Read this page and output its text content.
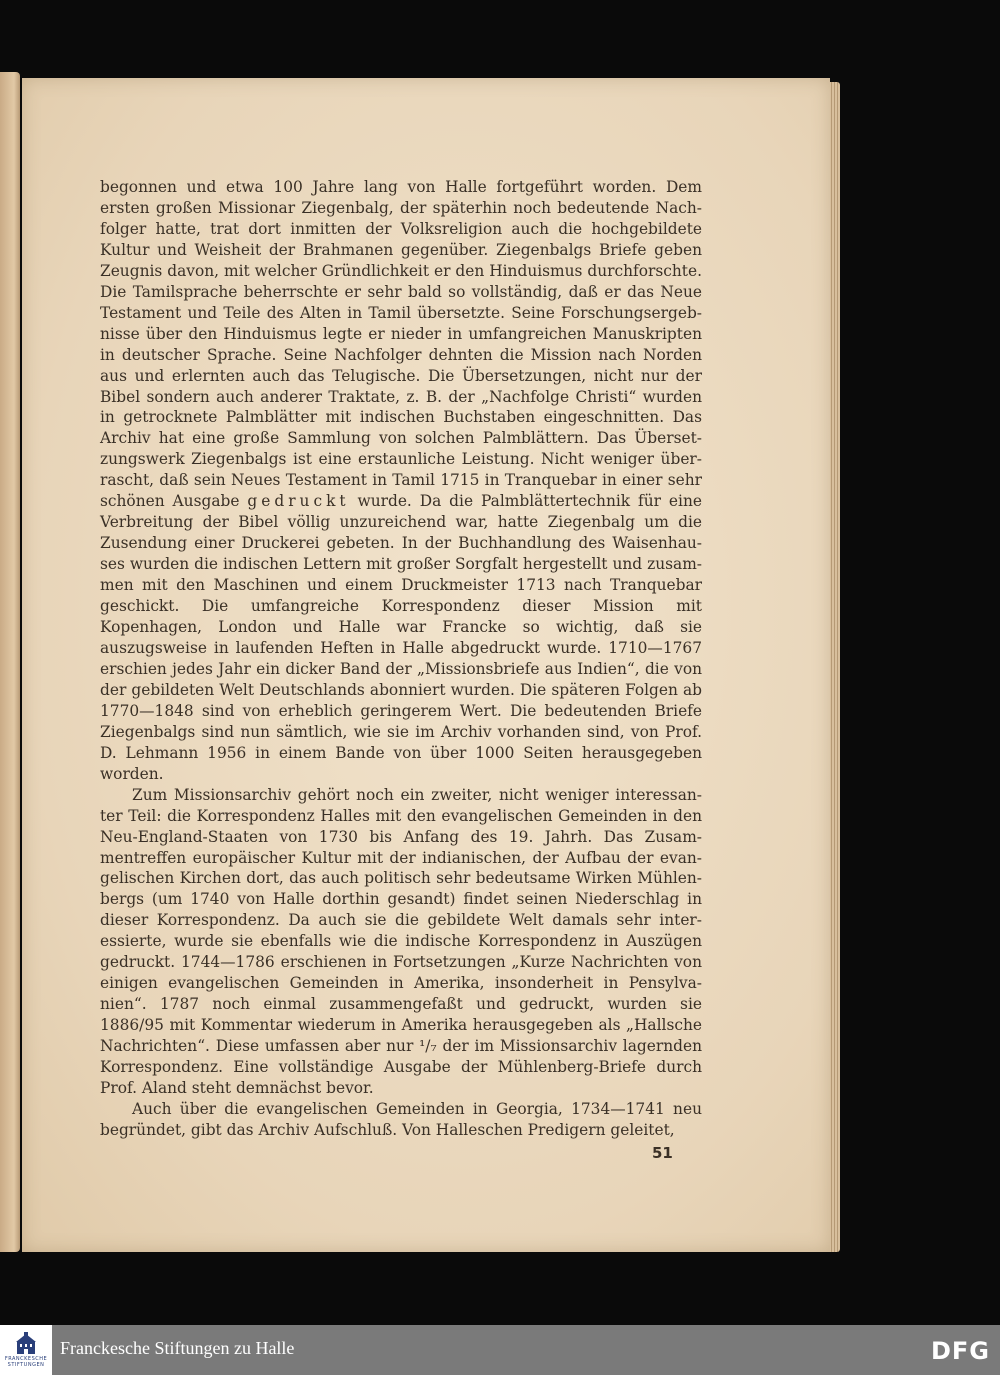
begonnen und etwa 100 Jahre lang von Halle fortgeführt worden. Dem ersten großen Missionar Ziegenbalg, der späterhin noch bedeutende Nachfolger hatte, trat dort inmitten der Volksreligion auch die hochgebildete Kultur und Weisheit der Brahmanen gegenüber. Ziegenbalgs Briefe geben Zeugnis davon, mit welcher Gründlichkeit er den Hinduismus durchforschte. Die Tamilsprache beherrschte er sehr bald so vollständig, daß er das Neue Testament und Teile des Alten in Tamil übersetzte. Seine Forschungsergebnisse über den Hinduismus legte er nieder in umfangreichen Manuskripten in deutscher Sprache. Seine Nachfolger dehnten die Mission nach Norden aus und erlernten auch das Telugische. Die Übersetzungen, nicht nur der Bibel sondern auch anderer Traktate, z. B. der „Nachfolge Christi“ wurden in getrocknete Palmblätter mit indischen Buchstaben eingeschnitten. Das Archiv hat eine große Sammlung von solchen Palmblättern. Das Übersetzungswerk Ziegenbalgs ist eine erstaunliche Leistung. Nicht weniger überrascht, daß sein Neues Testament in Tamil 1715 in Tranquebar in einer sehr schönen Ausgabe gedruckt wurde. Da die Palmblättertechnik für eine Verbreitung der Bibel völlig unzureichend war, hatte Ziegenbalg um die Zusendung einer Druckerei gebeten. In der Buchhandlung des Waisenhauses wurden die indischen Lettern mit großer Sorgfalt hergestellt und zusammen mit den Maschinen und einem Druckmeister 1713 nach Tranquebar geschickt. Die umfangreiche Korrespondenz dieser Mission mit Kopenhagen, London und Halle war Francke so wichtig, daß sie auszugsweise in laufenden Heften in Halle abgedruckt wurde. 1710—1767 erschien jedes Jahr ein dicker Band der „Missionsbriefe aus Indien“, die von der gebildeten Welt Deutschlands abonniert wurden. Die späteren Folgen ab 1770—1848 sind von erheblich geringerem Wert. Die bedeutenden Briefe Ziegenbalgs sind nun sämtlich, wie sie im Archiv vorhanden sind, von Prof. D. Lehmann 1956 in einem Bande von über 1000 Seiten herausgegeben worden.

Zum Missionsarchiv gehört noch ein zweiter, nicht weniger interessanter Teil: die Korrespondenz Halles mit den evangelischen Gemeinden in den Neu-England-Staaten von 1730 bis Anfang des 19. Jahrh. Das Zusammentreffen europäischer Kultur mit der indianischen, der Aufbau der evangelischen Kirchen dort, das auch politisch sehr bedeutsame Wirken Mühlenbergs (um 1740 von Halle dorthin gesandt) findet seinen Niederschlag in dieser Korrespondenz. Da auch sie die gebildete Welt damals sehr interessierte, wurde sie ebenfalls wie die indische Korrespondenz in Auszügen gedruckt. 1744—1786 erschienen in Fortsetzungen „Kurze Nachrichten von einigen evangelischen Gemeinden in Amerika, insonderheit in Pensylvanien“. 1787 noch einmal zusammengefaßt und gedruckt, wurden sie 1886/95 mit Kommentar wiederum in Amerika herausgegeben als „Hallsche Nachrichten“. Diese umfassen aber nur ¹/₇ der im Missionsarchiv lagernden Korrespondenz. Eine vollständige Ausgabe der Mühlenberg-Briefe durch Prof. Aland steht demnächst bevor.

Auch über die evangelischen Gemeinden in Georgia, 1734—1741 neu begründet, gibt das Archiv Aufschluß. Von Halleschen Predigern geleitet,

51
FRANCKESCHE
STIFTUNGEN
Franckesche Stiftungen zu Halle	DFG
